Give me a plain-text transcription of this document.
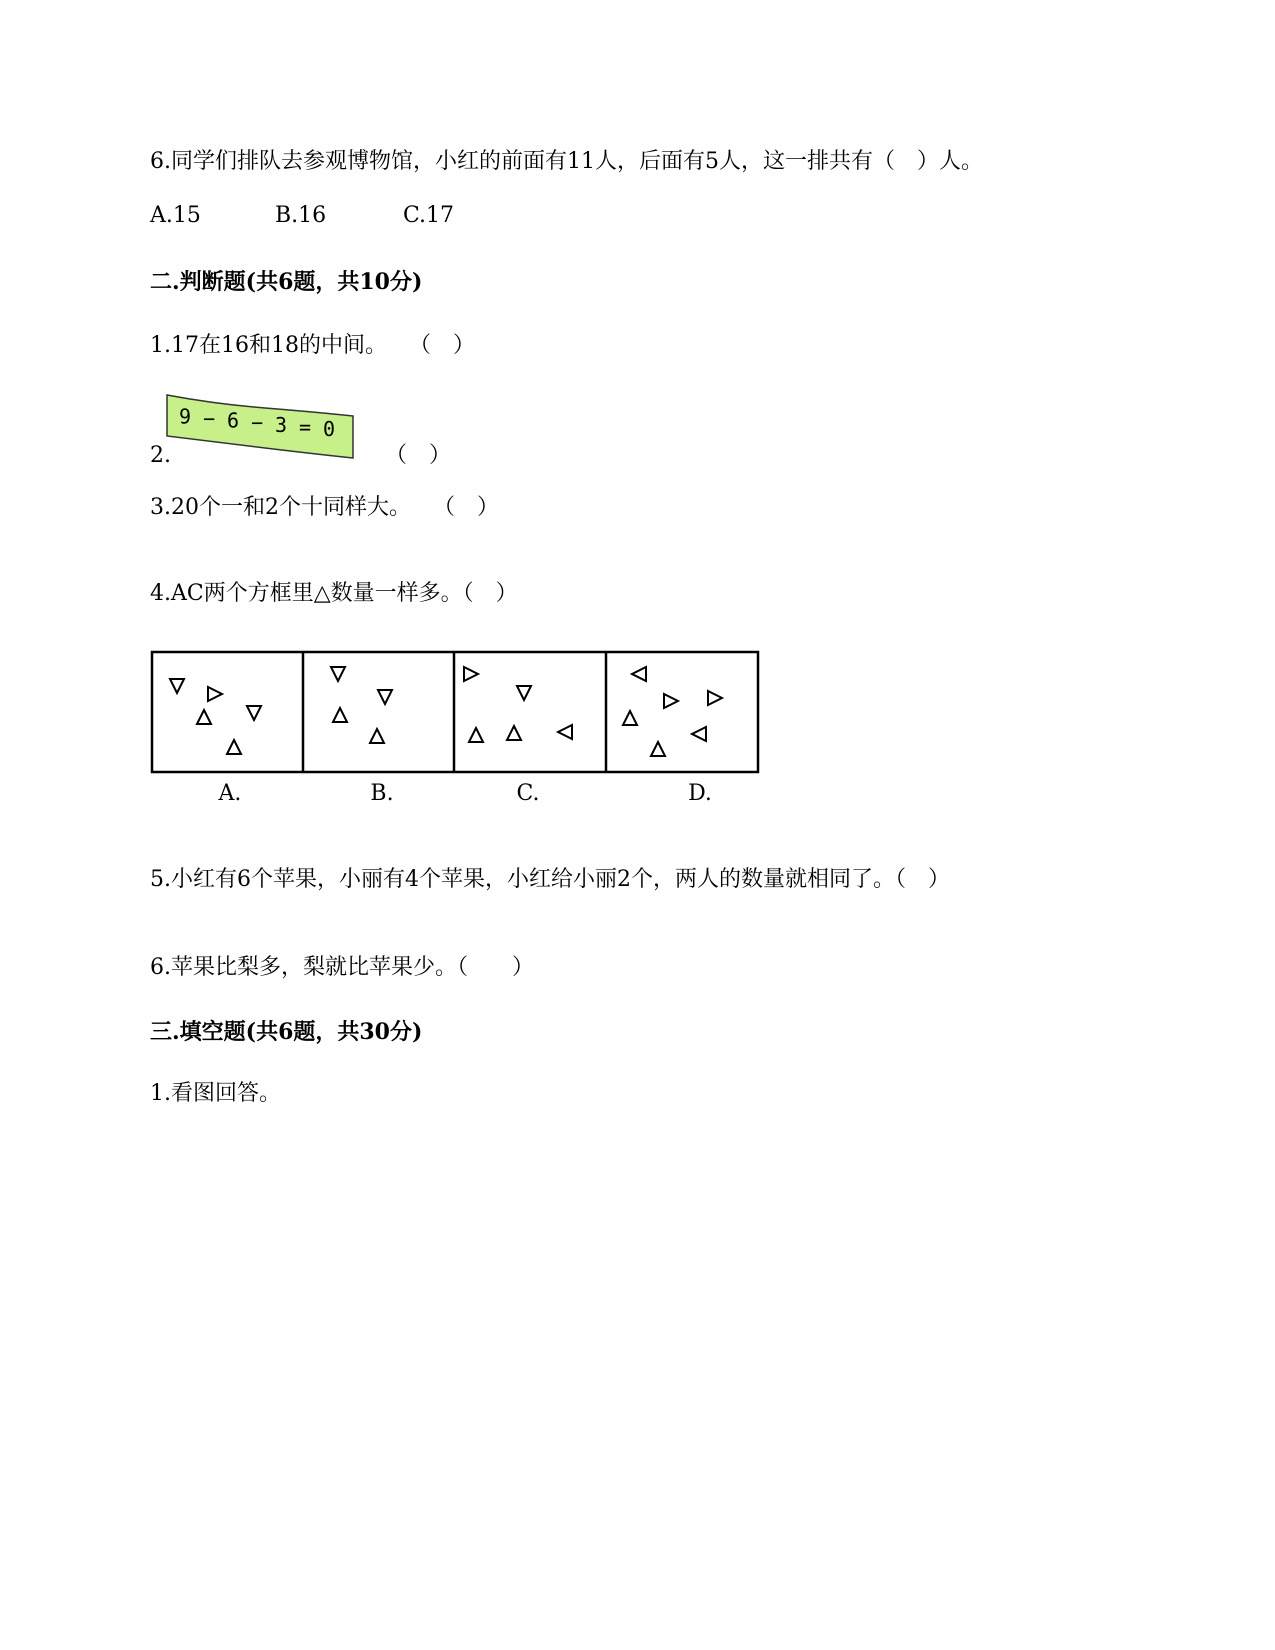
6.同学们排队去参观博物馆，小红的前面有11人，后面有5人，这一排共有（　）人。
A.15	B.16	C.17
二.判断题(共6题，共10分)
1.17在16和18的中间。　　（　）
2.
9 − 6 − 3 = 0
（　）
3.20个一和2个十同样大。　　（　）
4.AC两个方框里△数量一样多。（　）
A.	B.	C.	D.
5.小红有6个苹果，小丽有4个苹果，小红给小丽2个，两人的数量就相同了。（　）
6.苹果比梨多，梨就比苹果少。（　　）
三.填空题(共6题，共30分)
1.看图回答。
